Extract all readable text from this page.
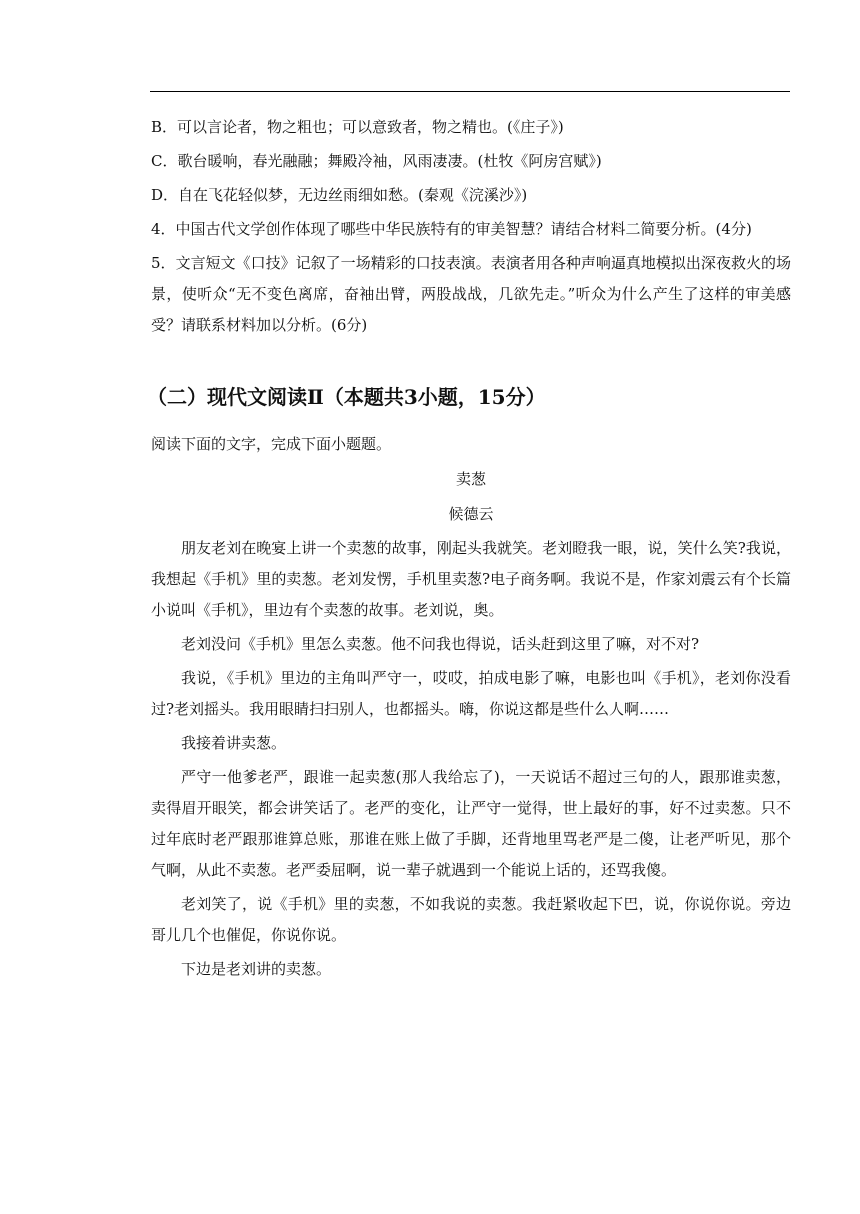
B．可以言论者，物之粗也；可以意致者，物之精也。(《庄子》)
C．歌台暖响，春光融融；舞殿冷袖，风雨凄凄。(杜牧《阿房宫赋》)
D．自在飞花轻似梦，无边丝雨细如愁。(秦观《浣溪沙》)
4．中国古代文学创作体现了哪些中华民族特有的审美智慧？请结合材料二简要分析。(4分)
5．文言短文《口技》记叙了一场精彩的口技表演。表演者用各种声响逼真地模拟出深夜救火的场景，使听众“无不变色离席，奋袖出臂，两股战战，几欲先走。”听众为什么产生了这样的审美感受？请联系材料加以分析。(6分)
（二）现代文阅读Ⅱ（本题共3小题，15分）
阅读下面的文字，完成下面小题题。
卖葱
候德云
朋友老刘在晚宴上讲一个卖葱的故事，刚起头我就笑。老刘瞪我一眼，说，笑什么笑?我说，我想起《手机》里的卖葱。老刘发愣，手机里卖葱?电子商务啊。我说不是，作家刘震云有个长篇小说叫《手机》，里边有个卖葱的故事。老刘说，奥。
老刘没问《手机》里怎么卖葱。他不问我也得说，话头赶到这里了嘛，对不对?
我说，《手机》里边的主角叫严守一，哎哎，拍成电影了嘛，电影也叫《手机》，老刘你没看过?老刘摇头。我用眼睛扫扫别人，也都摇头。嗨，你说这都是些什么人啊……
我接着讲卖葱。
严守一他爹老严，跟谁一起卖葱(那人我给忘了)，一天说话不超过三句的人，跟那谁卖葱，卖得眉开眼笑，都会讲笑话了。老严的变化，让严守一觉得，世上最好的事，好不过卖葱。只不过年底时老严跟那谁算总账，那谁在账上做了手脚，还背地里骂老严是二傻，让老严听见，那个气啊，从此不卖葱。老严委屈啊，说一辈子就遇到一个能说上话的，还骂我傻。
老刘笑了，说《手机》里的卖葱，不如我说的卖葱。我赶紧收起下巴，说，你说你说。旁边哥儿几个也催促，你说你说。
下边是老刘讲的卖葱。
